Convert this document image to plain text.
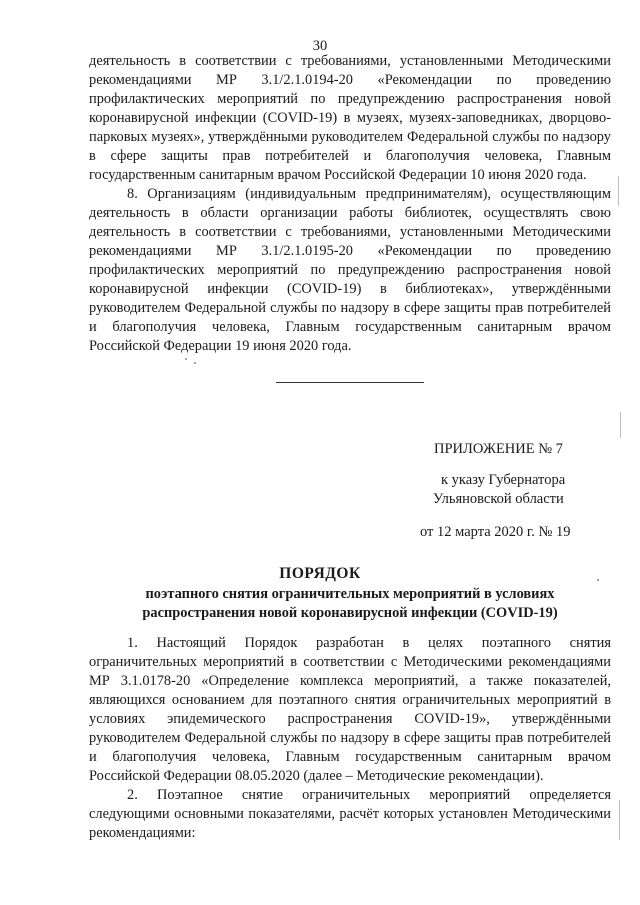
30

деятельность в соответствии с требованиями, установленными Методическими рекомендациями МР 3.1/2.1.0194-20 «Рекомендации по проведению профилактических мероприятий по предупреждению распространения новой коронавирусной инфекции (COVID-19) в музеях, музеях-заповедниках, дворцово-парковых музеях», утверждёнными руководителем Федеральной службы по надзору в сфере защиты прав потребителей и благополучия человека, Главным государственным санитарным врачом Российской Федерации 10 июня 2020 года.

8. Организациям (индивидуальным предпринимателям), осуществляющим деятельность в области организации работы библиотек, осуществлять свою деятельность в соответствии с требованиями, установленными Методическими рекомендациями МР 3.1/2.1.0195-20 «Рекомендации по проведению профилактических мероприятий по предупреждению распространения новой коронавирусной инфекции (COVID-19) в библиотеках», утверждёнными руководителем Федеральной службы по надзору в сфере защиты прав потребителей и благополучия человека, Главным государственным санитарным врачом Российской Федерации 19 июня 2020 года.

ПРИЛОЖЕНИЕ № 7
к указу Губернатора
Ульяновской области
от 12 марта 2020 г. № 19
ПОРЯДОК
поэтапного снятия ограничительных мероприятий в условиях распространения новой коронавирусной инфекции (COVID-19)

1. Настоящий Порядок разработан в целях поэтапного снятия ограничительных мероприятий в соответствии с Методическими рекомендациями МР 3.1.0178-20 «Определение комплекса мероприятий, а также показателей, являющихся основанием для поэтапного снятия ограничительных мероприятий в условиях эпидемического распространения COVID-19», утверждёнными руководителем Федеральной службы по надзору в сфере защиты прав потребителей и благополучия человека, Главным государственным санитарным врачом Российской Федерации 08.05.2020 (далее – Методические рекомендации).

2. Поэтапное снятие ограничительных мероприятий определяется следующими основными показателями, расчёт которых установлен Методическими рекомендациями:
